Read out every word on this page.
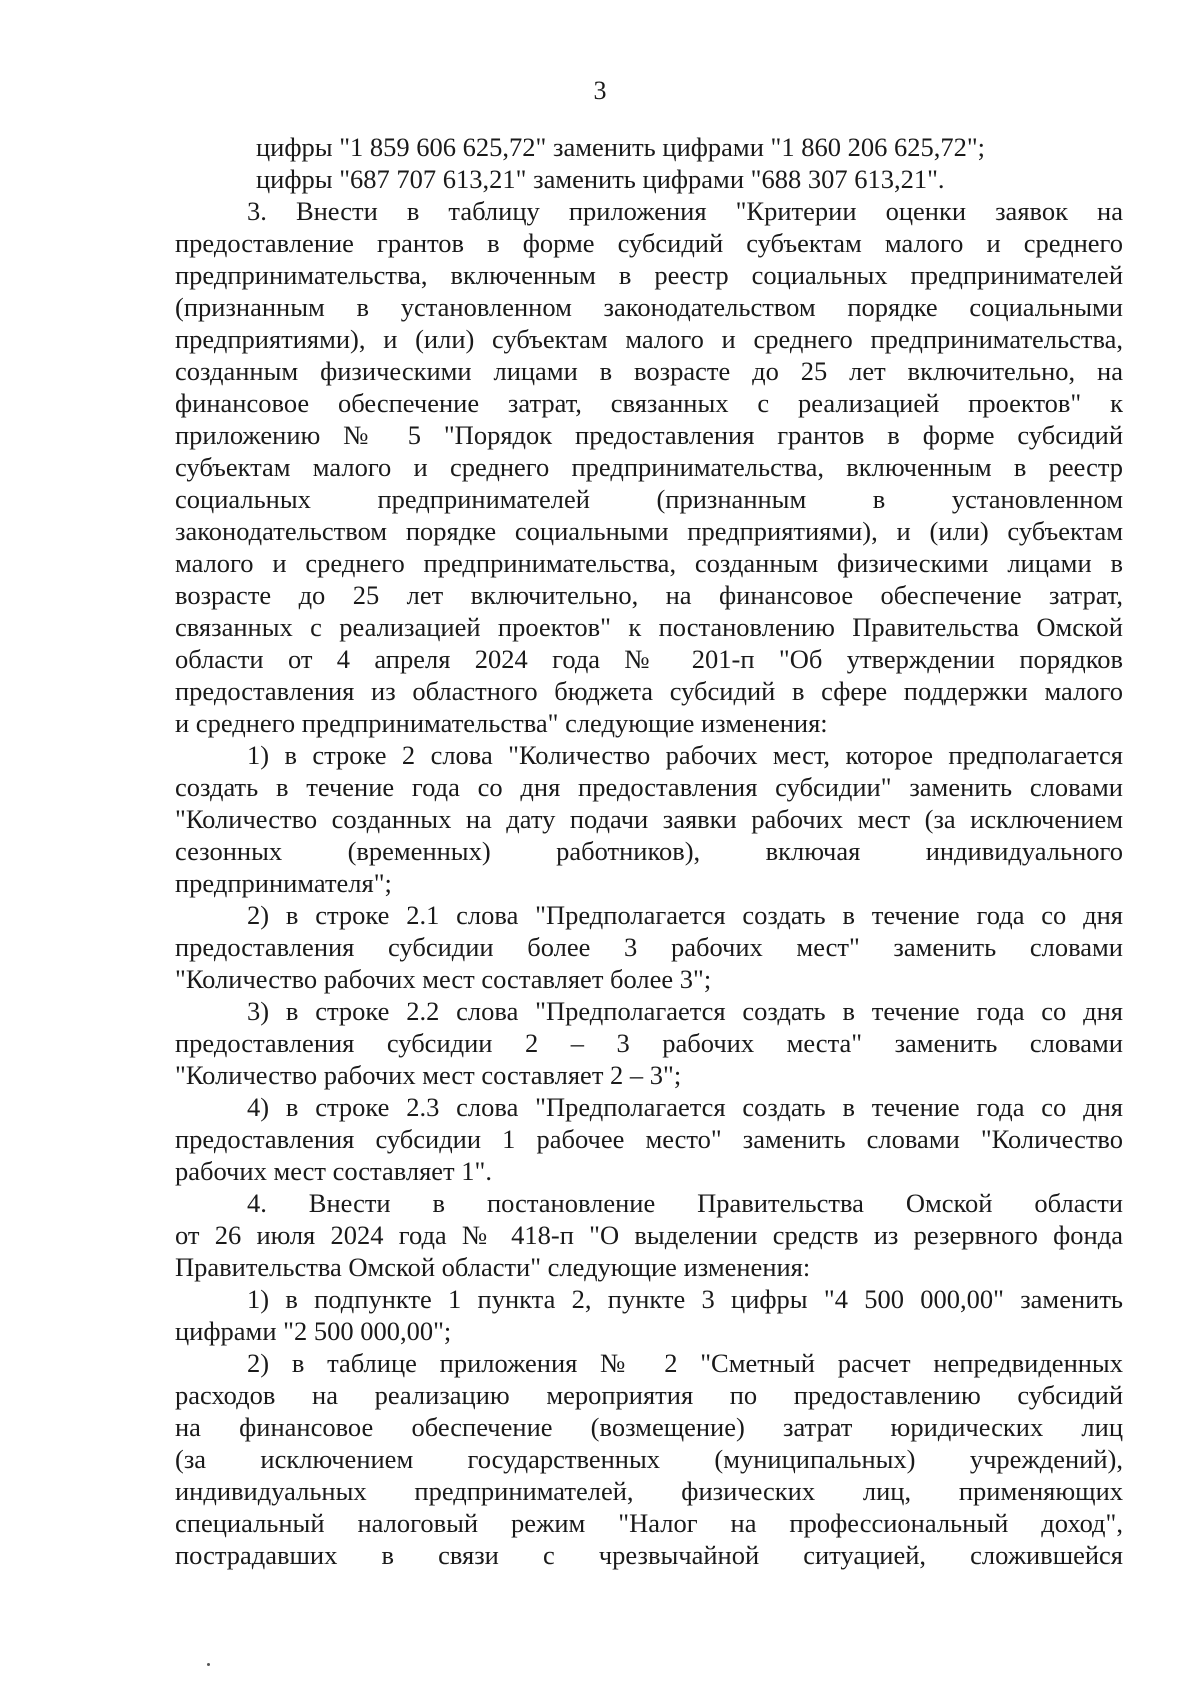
3
цифры "1 859 606 625,72" заменить цифрами "1 860 206 625,72";
цифры "687 707 613,21" заменить цифрами "688 307 613,21".
3. Внести в таблицу приложения "Критерии оценки заявок на
предоставление грантов в форме субсидий субъектам малого и среднего
предпринимательства, включенным в реестр социальных предпринимателей
(признанным в установленном законодательством порядке социальными
предприятиями), и (или) субъектам малого и среднего предпринимательства,
созданным физическими лицами в возрасте до 25 лет включительно, на
финансовое обеспечение затрат, связанных с реализацией проектов" к
приложению № 5 "Порядок предоставления грантов в форме субсидий
субъектам малого и среднего предпринимательства, включенным в реестр
социальных предпринимателей (признанным в установленном
законодательством порядке социальными предприятиями), и (или) субъектам
малого и среднего предпринимательства, созданным физическими лицами в
возрасте до 25 лет включительно, на финансовое обеспечение затрат,
связанных с реализацией проектов" к постановлению Правительства Омской
области от 4 апреля 2024 года № 201-п "Об утверждении порядков
предоставления из областного бюджета субсидий в сфере поддержки малого
и среднего предпринимательства" следующие изменения:
1) в строке 2 слова "Количество рабочих мест, которое предполагается
создать в течение года со дня предоставления субсидии" заменить словами
"Количество созданных на дату подачи заявки рабочих мест (за исключением
сезонных (временных) работников), включая индивидуального
предпринимателя";
2) в строке 2.1 слова "Предполагается создать в течение года со дня
предоставления субсидии более 3 рабочих мест" заменить словами
"Количество рабочих мест составляет более 3";
3) в строке 2.2 слова "Предполагается создать в течение года со дня
предоставления субсидии 2 – 3 рабочих места" заменить словами
"Количество рабочих мест составляет 2 – 3";
4) в строке 2.3 слова "Предполагается создать в течение года со дня
предоставления субсидии 1 рабочее место" заменить словами "Количество
рабочих мест составляет 1".
4. Внести в постановление Правительства Омской области
от 26 июля 2024 года № 418-п "О выделении средств из резервного фонда
Правительства Омской области" следующие изменения:
1) в подпункте 1 пункта 2, пункте 3 цифры "4 500 000,00" заменить
цифрами "2 500 000,00";
2) в таблице приложения № 2 "Сметный расчет непредвиденных
расходов на реализацию мероприятия по предоставлению субсидий
на финансовое обеспечение (возмещение) затрат юридических лиц
(за исключением государственных (муниципальных) учреждений),
индивидуальных предпринимателей, физических лиц, применяющих
специальный налоговый режим "Налог на профессиональный доход",
пострадавших в связи с чрезвычайной ситуацией, сложившейся
